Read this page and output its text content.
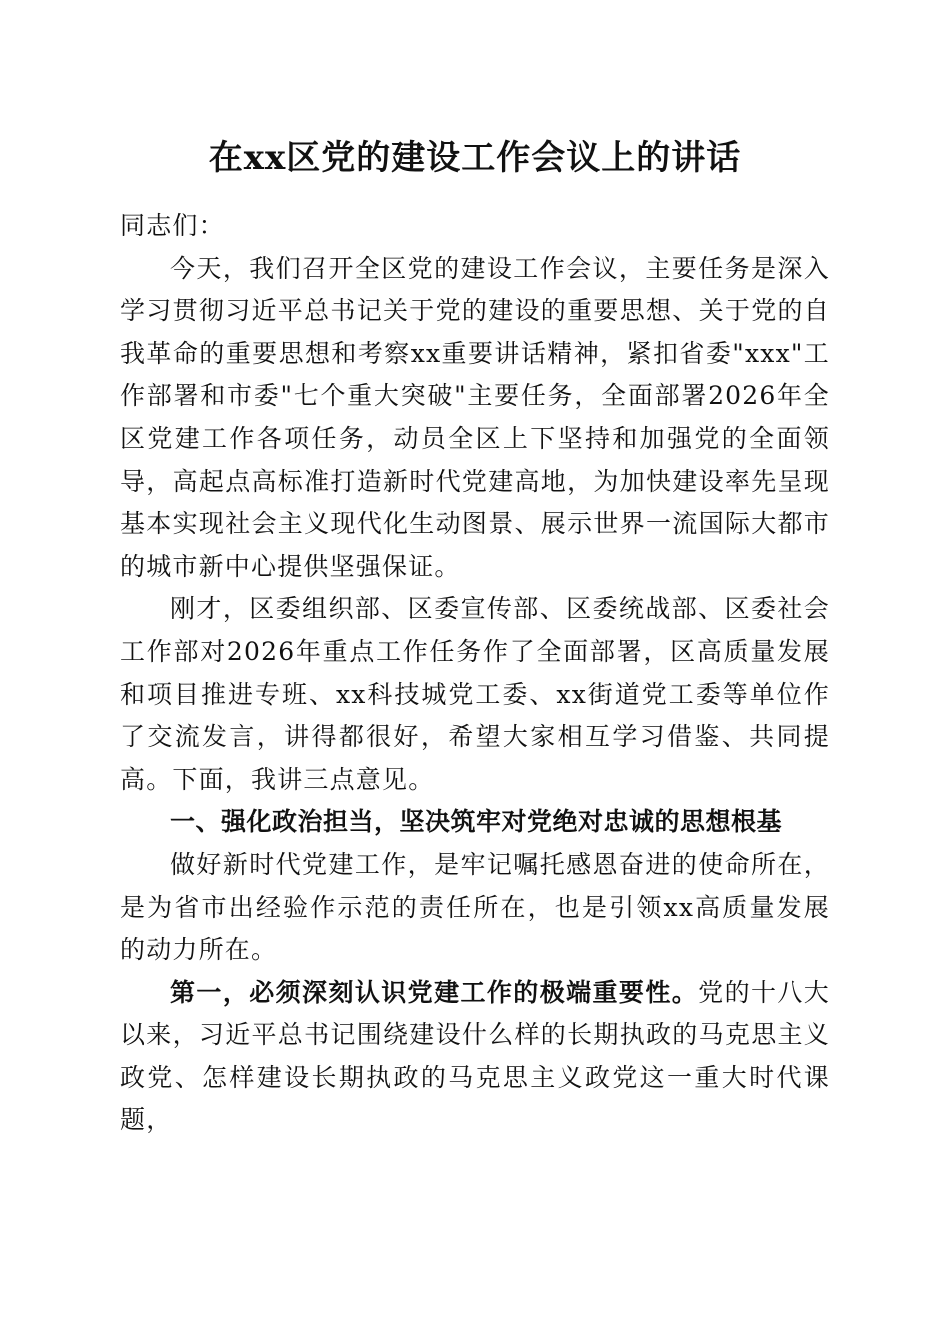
在xx区党的建设工作会议上的讲话

同志们：

今天，我们召开全区党的建设工作会议，主要任务是深入学习贯彻习近平总书记关于党的建设的重要思想、关于党的自我革命的重要思想和考察xx重要讲话精神，紧扣省委"xxx"工作部署和市委"七个重大突破"主要任务，全面部署2026年全区党建工作各项任务，动员全区上下坚持和加强党的全面领导，高起点高标准打造新时代党建高地，为加快建设率先呈现基本实现社会主义现代化生动图景、展示世界一流国际大都市的城市新中心提供坚强保证。

刚才，区委组织部、区委宣传部、区委统战部、区委社会工作部对2026年重点工作任务作了全面部署，区高质量发展和项目推进专班、xx科技城党工委、xx街道党工委等单位作了交流发言，讲得都很好，希望大家相互学习借鉴、共同提高。下面，我讲三点意见。

一、强化政治担当，坚决筑牢对党绝对忠诚的思想根基

做好新时代党建工作，是牢记嘱托感恩奋进的使命所在，是为省市出经验作示范的责任所在，也是引领xx高质量发展的动力所在。

第一，必须深刻认识党建工作的极端重要性。党的十八大以来，习近平总书记围绕建设什么样的长期执政的马克思主义政党、怎样建设长期执政的马克思主义政党这一重大时代课题，
